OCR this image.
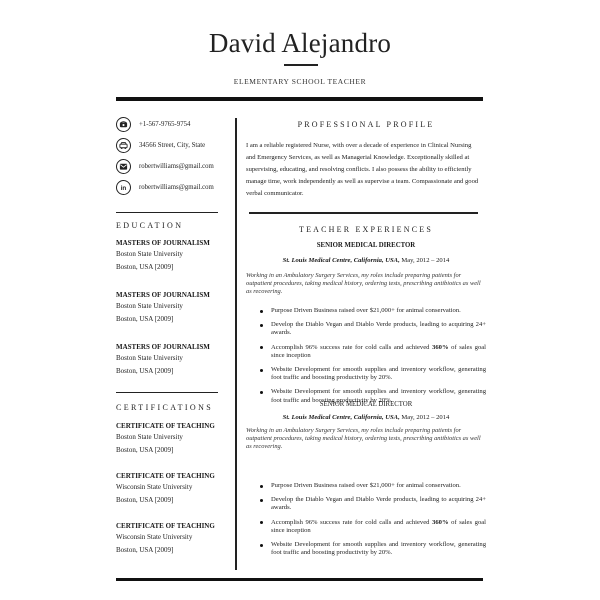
David Alejandro
ELEMENTARY SCHOOL TEACHER
+1-567-9765-9754
34566 Street, City, State
robertwilliams@gmail.com
in robertwilliams@gmail.com
EDUCATION
MASTERS OF JOURNALISM
Boston State University
Boston, USA [2009]
MASTERS OF JOURNALISM
Boston State University
Boston, USA [2009]
MASTERS OF JOURNALISM
Boston State University
Boston, USA [2009]
CERTIFICATIONS
CERTIFICATE OF TEACHING
Boston State University
Boston, USA [2009]
CERTIFICATE OF TEACHING
Wisconsin State University
Boston, USA [2009]
CERTIFICATE OF TEACHING
Wisconsin State University
Boston, USA [2009]
PROFESSIONAL PROFILE
I am a reliable registered Nurse, with over a decade of experience in Clinical Nursing and Emergency Services, as well as Managerial Knowledge. Exceptionally skilled at supervising, educating, and resolving conflicts. I also possess the ability to efficiently manage time, work independently as well as supervise a team. Compassionate and good verbal communicator.
TEACHER EXPERIENCES
SENIOR MEDICAL DIRECTOR
St. Louis Medical Centre, California, USA, May, 2012 – 2014
Working in an Ambulatory Surgery Services, my roles include preparing patients for outpatient procedures, taking medical history, ordering tests, prescribing antibiotics as well as recovering.
Purpose Driven Business raised over $21,000+ for animal conservation.
Develop the Diablo Vegan and Diablo Verde products, leading to acquiring 24+ awards.
Accomplish 96% success rate for cold calls and achieved 360% of sales goal since inception
Website Development for smooth supplies and inventory workflow, generating foot traffic and boosting productivity by 20%.
Website Development for smooth supplies and inventory workflow, generating foot traffic and boosting productivity by 20%.
SENIOR MEDICAL DIRECTOR
St. Louis Medical Centre, California, USA, May, 2012 – 2014
Working in an Ambulatory Surgery Services, my roles include preparing patients for outpatient procedures, taking medical history, ordering tests, prescribing antibiotics as well as recovering.
Purpose Driven Business raised over $21,000+ for animal conservation.
Develop the Diablo Vegan and Diablo Verde products, leading to acquiring 24+ awards.
Accomplish 96% success rate for cold calls and achieved 360% of sales goal since inception
Website Development for smooth supplies and inventory workflow, generating foot traffic and boosting productivity by 20%.
